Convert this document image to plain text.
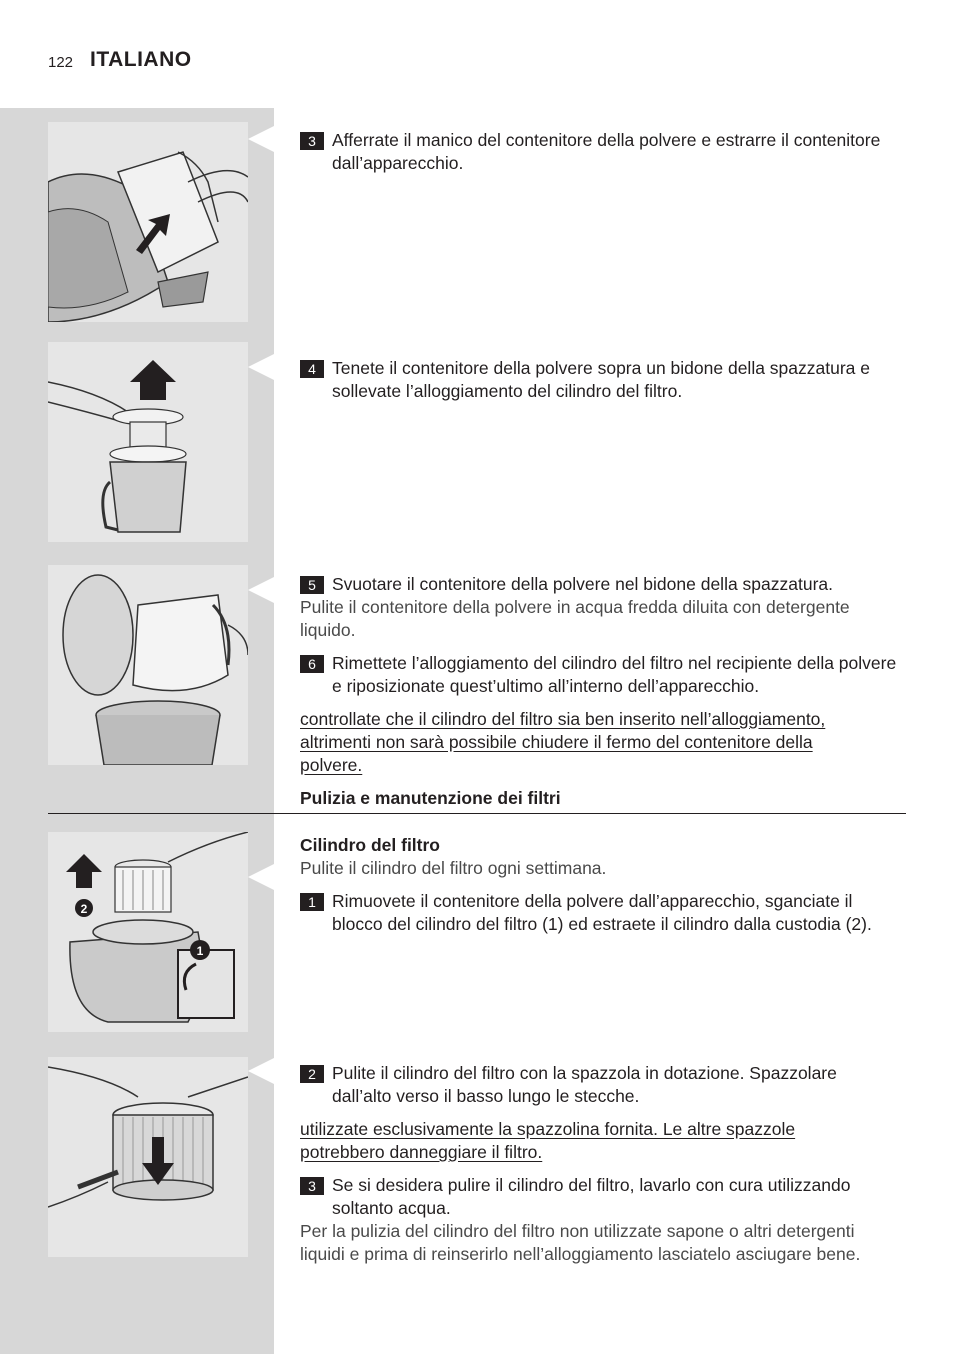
122 ITALIANO
2
1
3 Afferrate il manico del contenitore della polvere e estrarre il contenitore dall’apparecchio.
4 Tenete il contenitore della polvere sopra un bidone della spazzatura e sollevate l’alloggiamento del cilindro del filtro.
5 Svuotare il contenitore della polvere nel bidone della spazzatura.
Pulite il contenitore della polvere in acqua fredda diluita con detergente liquido.
6 Rimettete l’alloggiamento del cilindro del filtro nel recipiente della polvere e riposizionate quest’ultimo all’interno dell’apparecchio.
controllate che il cilindro del filtro sia ben inserito nell’alloggiamento, altrimenti non sarà possibile chiudere il fermo del contenitore della polvere.
Pulizia e manutenzione dei filtri
Cilindro del filtro
Pulite il cilindro del filtro ogni settimana.
1 Rimuovete il contenitore della polvere dall’apparecchio, sganciate il blocco del cilindro del filtro (1) ed estraete il cilindro dalla custodia (2).
2 Pulite il cilindro del filtro con la spazzola in dotazione. Spazzolare dall’alto verso il basso lungo le stecche.
utilizzate esclusivamente la spazzolina fornita. Le altre spazzole potrebbero danneggiare il filtro.
3 Se si desidera pulire il cilindro del filtro, lavarlo con cura utilizzando soltanto acqua.
Per la pulizia del cilindro del filtro non utilizzate sapone o altri detergenti liquidi e prima di reinserirlo nell’alloggiamento lasciatelo asciugare bene.
